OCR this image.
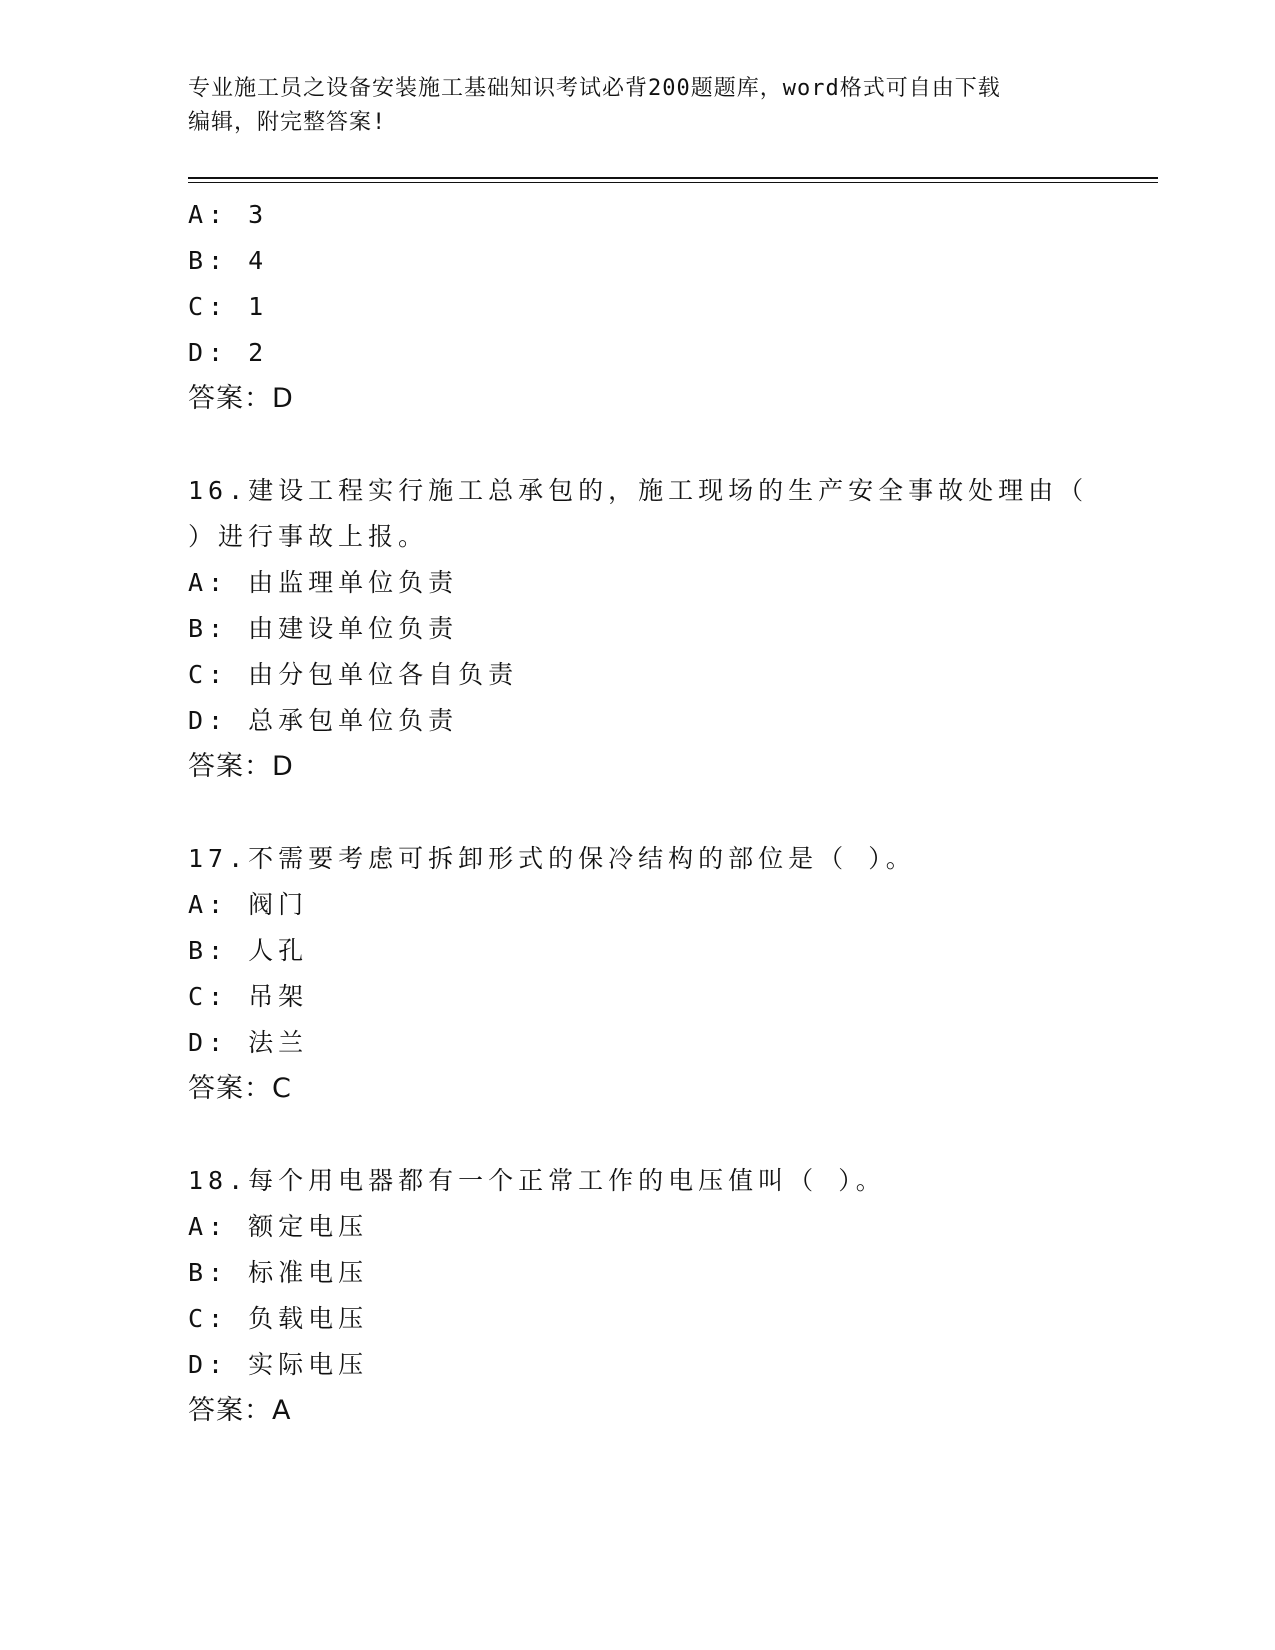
专业施工员之设备安装施工基础知识考试必背200题题库，word格式可自由下载
编辑，附完整答案!
A: 3
B: 4
C: 1
D: 2
答案：D
16.建设工程实行施工总承包的，施工现场的生产安全事故处理由（
）进行事故上报。
A: 由监理单位负责
B: 由建设单位负责
C: 由分包单位各自负责
D: 总承包单位负责
答案：D
17.不需要考虑可拆卸形式的保冷结构的部位是（ ）。
A: 阀门
B: 人孔
C: 吊架
D: 法兰
答案：C
18.每个用电器都有一个正常工作的电压值叫（ ）。
A: 额定电压
B: 标准电压
C: 负载电压
D: 实际电压
答案：A
